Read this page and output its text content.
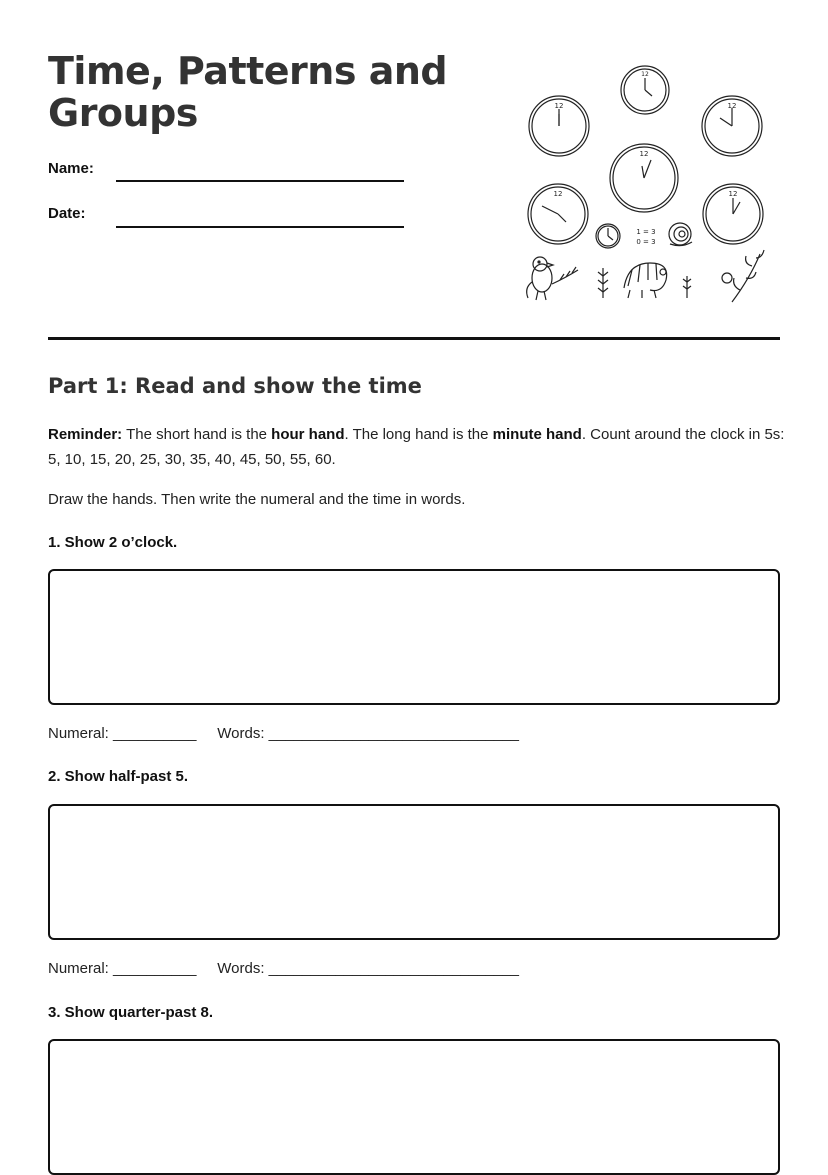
Time, Patterns and
Groups
Name:
Date:
12
12	12
12
12	12
1 = 3
0 = 3
Part 1: Read and show the time

Reminder: The short hand is the hour hand. The long hand is the minute hand. Count around the clock in 5s: 5, 10, 15, 20, 25, 30, 35, 40, 45, 50, 55, 60.

Draw the hands. Then write the numeral and the time in words.

1. Show 2 o’clock.
Numeral: __________     Words: ______________________________
2. Show half-past 5.
Numeral: __________     Words: ______________________________
3. Show quarter-past 8.
